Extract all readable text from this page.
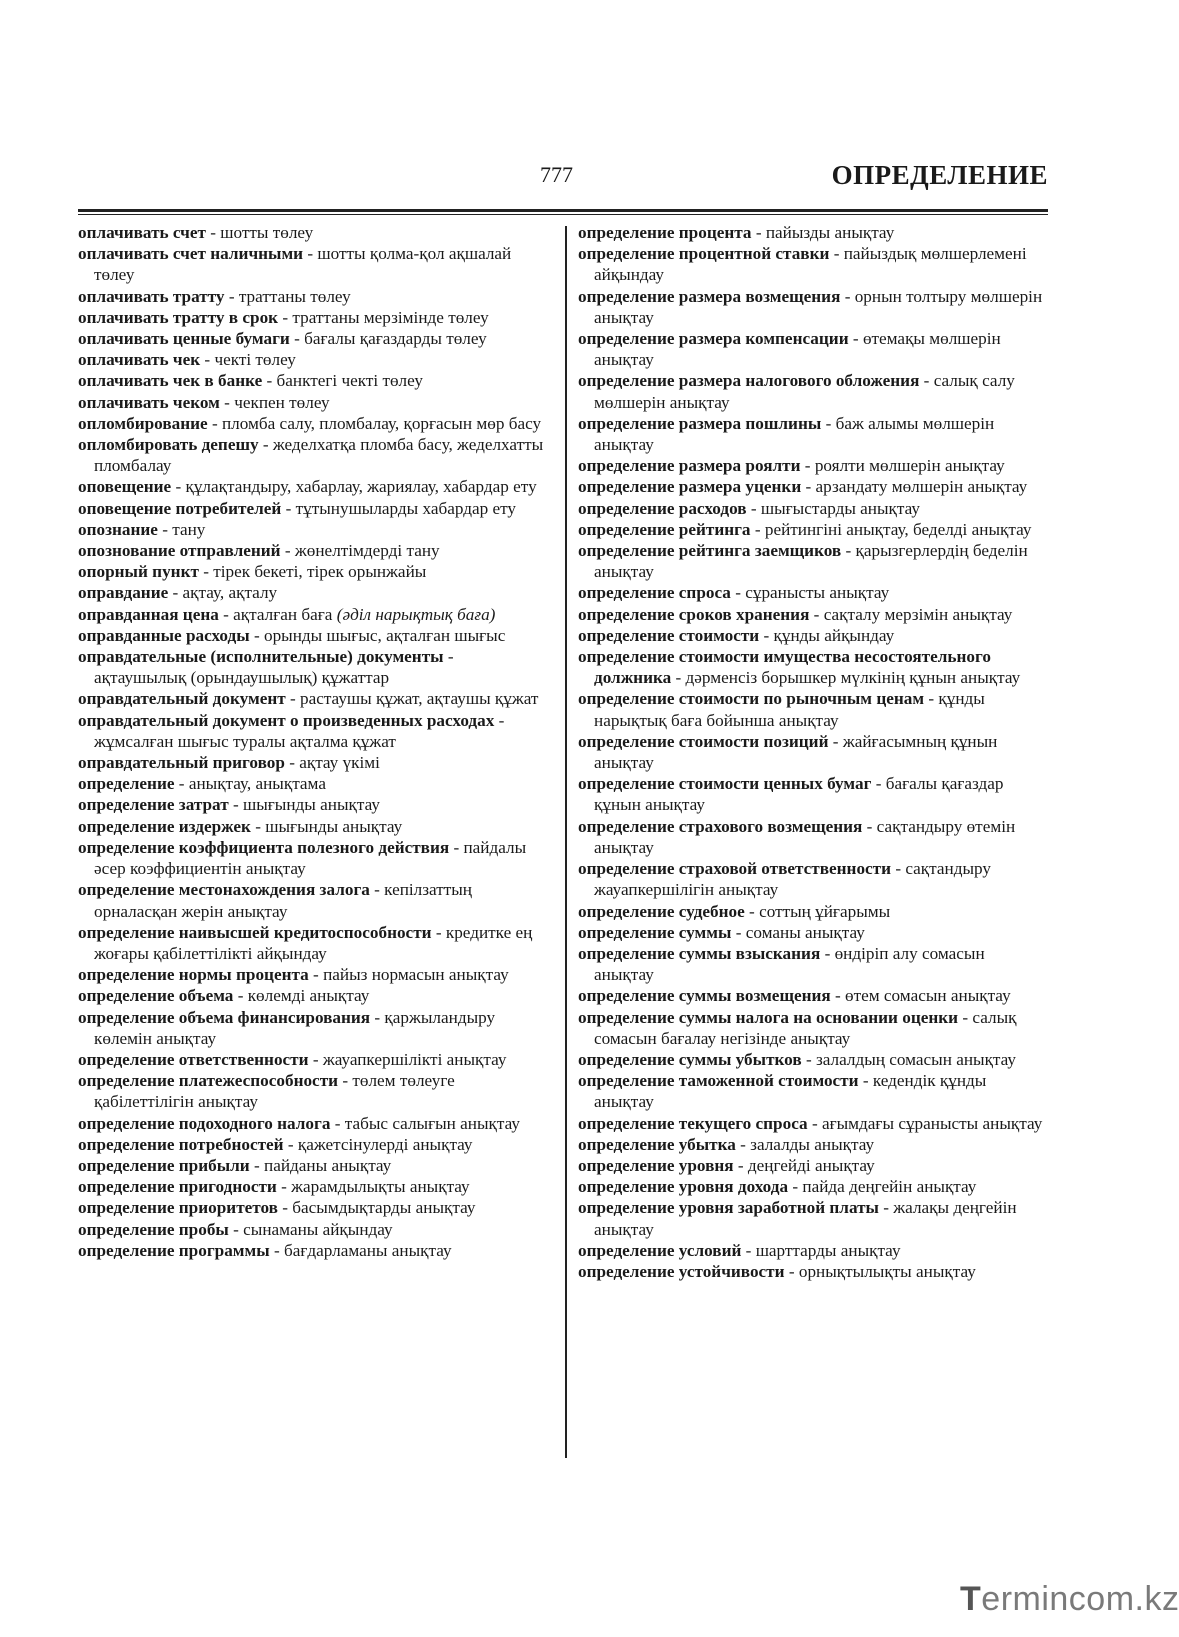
777	ОПРЕДЕЛЕНИЕ
оплачивать счет - шотты төлеу
оплачивать счет наличными - шотты қолма-қол ақшалай төлеу
оплачивать тратту - траттаны төлеу
оплачивать тратту в срок - траттаны мерзімінде төлеу
оплачивать ценные бумаги - бағалы қағаздарды төлеу
оплачивать чек - чекті төлеу
оплачивать чек в банке - банктегі чекті төлеу
оплачивать чеком - чекпен төлеу
опломбирование - пломба салу, пломбалау, қорғасын мөр басу
опломбировать депешу - жеделхатқа пломба басу, жеделхатты пломбалау
оповещение - құлақтандыру, хабарлау, жариялау, хабардар ету
оповещение потребителей - тұтынушыларды хабардар ету
опознание - тану
опознование отправлений - жөнелтімдерді тану
опорный пункт - тірек бекеті, тірек орынжайы
оправдание - ақтау, ақталу
оправданная цена - ақталған баға (әділ нарықтық баға)
оправданные расходы - орынды шығыс, ақталған шығыс
оправдательные (исполнительные) документы - ақтаушылық (орындаушылық) құжаттар
оправдательный документ - растаушы құжат, ақтаушы құжат
оправдательный документ о произведенных расходах - жұмсалған шығыс туралы ақталма құжат
оправдательный приговор - ақтау үкімі
определение - анықтау, анықтама
определение затрат - шығынды анықтау
определение издержек - шығынды анықтау
определение коэффициента полезного действия - пайдалы әсер коэффициентін анықтау
определение местонахождения залога - кепілзаттың орналасқан жерін анықтау
определение наивысшей кредитоспособности - кредитке ең жоғары қабілеттілікті айқындау
определение нормы процента - пайыз нормасын анықтау
определение объема - көлемді анықтау
определение объема финансирования - қаржыландыру көлемін анықтау
определение ответственности - жауапкершілікті анықтау
определение платежеспособности - төлем төлеуге қабілеттілігін анықтау
определение подоходного налога - табыс салығын анықтау
определение потребностей - қажетсінулерді анықтау
определение прибыли - пайданы анықтау
определение пригодности - жарамдылықты анықтау
определение приоритетов - басымдықтарды анықтау
определение пробы - сынаманы айқындау
определение программы - бағдарламаны анықтау
определение процента - пайызды анықтау
определение процентной ставки - пайыздық мөлшерлемені айқындау
определение размера возмещения - орнын толтыру мөлшерін анықтау
определение размера компенсации - өтемақы мөлшерін анықтау
определение размера налогового обложения - салық салу мөлшерін анықтау
определение размера пошлины - баж алымы мөлшерін анықтау
определение размера роялти - роялти мөлшерін анықтау
определение размера уценки - арзандату мөлшерін анықтау
определение расходов - шығыстарды анықтау
определение рейтинга - рейтингіні анықтау, беделді анықтау
определение рейтинга заемщиков - қарызгерлердің беделін анықтау
определение спроса - сұранысты анықтау
определение сроков хранения - сақталу мерзімін анықтау
определение стоимости - құнды айқындау
определение стоимости имущества несостоятельного должника - дәрменсіз борышкер мүлкінің құнын анықтау
определение стоимости по рыночным ценам - құнды нарықтық баға бойынша анықтау
определение стоимости позиций - жайғасымның құнын анықтау
определение стоимости ценных бумаг - бағалы қағаздар құнын анықтау
определение страхового возмещения - сақтандыру өтемін анықтау
определение страховой ответственности - сақтандыру жауапкершілігін анықтау
определение судебное - соттың ұйғарымы
определение суммы - соманы анықтау
определение суммы взыскания - өндіріп алу сомасын анықтау
определение суммы возмещения - өтем сомасын анықтау
определение суммы налога на основании оценки - салық сомасын бағалау негізінде анықтау
определение суммы убытков - залалдың сомасын анықтау
определение таможенной стоимости - кедендік құнды анықтау
определение текущего спроса - ағымдағы сұранысты анықтау
определение убытка - залалды анықтау
определение уровня - деңгейді анықтау
определение уровня дохода - пайда деңгейін анықтау
определение уровня заработной платы - жалақы деңгейін анықтау
определение условий - шарттарды анықтау
определение устойчивости - орнықтылықты анықтау
Termincom.kz
